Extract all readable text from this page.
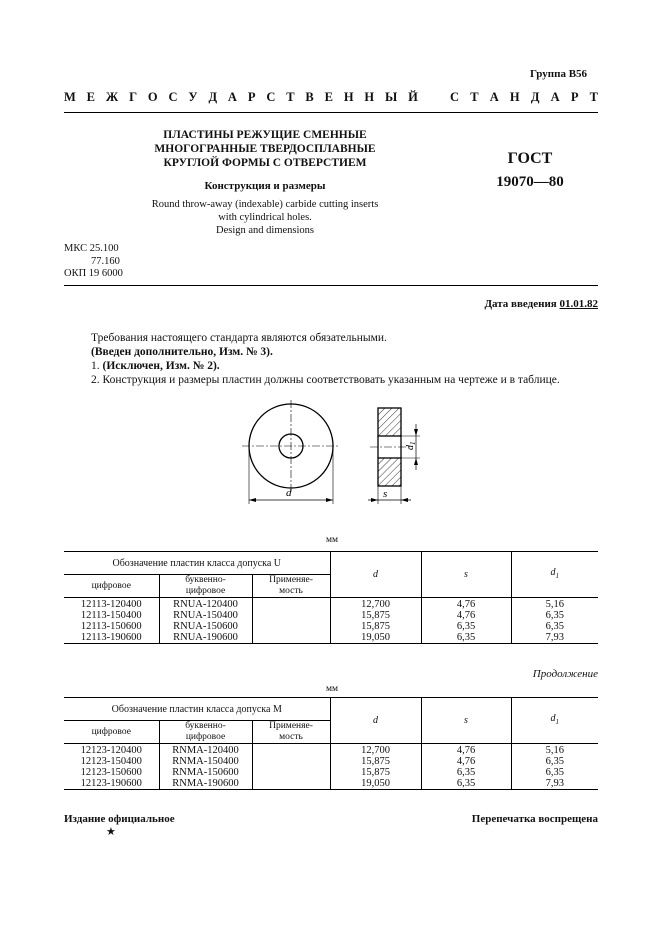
Группа В56
М Е Ж Г О С У Д А Р С Т В Е Н Н Ы Й	С Т А Н Д А Р Т
ПЛАСТИНЫ РЕЖУЩИЕ СМЕННЫЕ
МНОГОГРАННЫЕ ТВЕРДОСПЛАВНЫЕ
КРУГЛОЙ ФОРМЫ С ОТВЕРСТИЕМ
Конструкция и размеры
Round throw-away (indexable) carbide cutting inserts
with cylindrical holes.
Design and dimensions
ГОСТ
19070—80
МКС 25.100
77.160
ОКП 19 6000
Дата введения 01.01.82
Требования настоящего стандарта являются обязательными.
(Введен дополнительно, Изм. № 3).
1. (Исключен, Изм. № 2).
2. Конструкция и размеры пластин должны соответствовать указанным на чертеже и в таблице.
d
$d_1$
s
мм
Обозначение пластин класса допуска U			d	s	$d_1$
цифровое	буквенно-
цифровое	Применяе-
мость			
12113-120400	RNUA-120400		12,700	4,76	5,16
12113-150400	RNUA-150400		15,875	4,76	6,35
12113-150600	RNUA-150600		15,875	6,35	6,35
12113-190600	RNUA-190600		19,050	6,35	7,93
Продолжение
мм
Обозначение пластин класса допуска М			d	s	$d_1$
цифровое	буквенно-
цифровое	Применяе-
мость			
12123-120400	RNMA-120400		12,700	4,76	5,16
12123-150400	RNMA-150400		15,875	4,76	6,35
12123-150600	RNMA-150600		15,875	6,35	6,35
12123-190600	RNMA-190600		19,050	6,35	7,93
Издание официальное	Перепечатка воспрещена
★
